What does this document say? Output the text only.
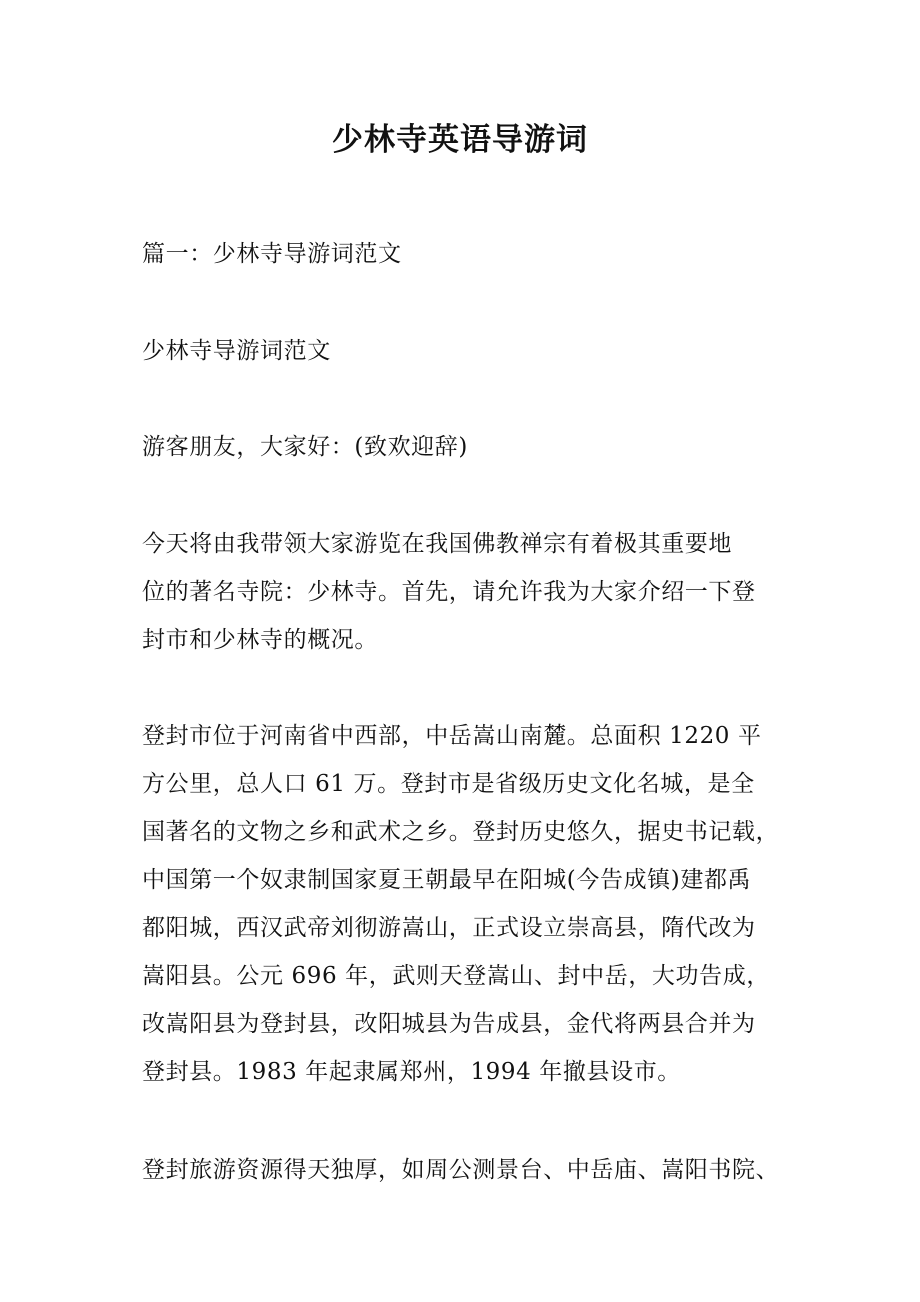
少林寺英语导游词

篇一：少林寺导游词范文

少林寺导游词范文

游客朋友，大家好：(致欢迎辞)

今天将由我带领大家游览在我国佛教禅宗有着极其重要地
位的著名寺院：少林寺。首先，请允许我为大家介绍一下登
封市和少林寺的概况。

登封市位于河南省中西部，中岳嵩山南麓。总面积 1220 平
方公里，总人口 61 万。登封市是省级历史文化名城，是全
国著名的文物之乡和武术之乡。登封历史悠久，据史书记载，
中国第一个奴隶制国家夏王朝最早在阳城(今告成镇)建都禹
都阳城，西汉武帝刘彻游嵩山，正式设立崇高县，隋代改为
嵩阳县。公元 696 年，武则天登嵩山、封中岳，大功告成，
改嵩阳县为登封县，改阳城县为告成县，金代将两县合并为
登封县。1983 年起隶属郑州，1994 年撤县设市。

登封旅游资源得天独厚，如周公测景台、中岳庙、嵩阳书院、
